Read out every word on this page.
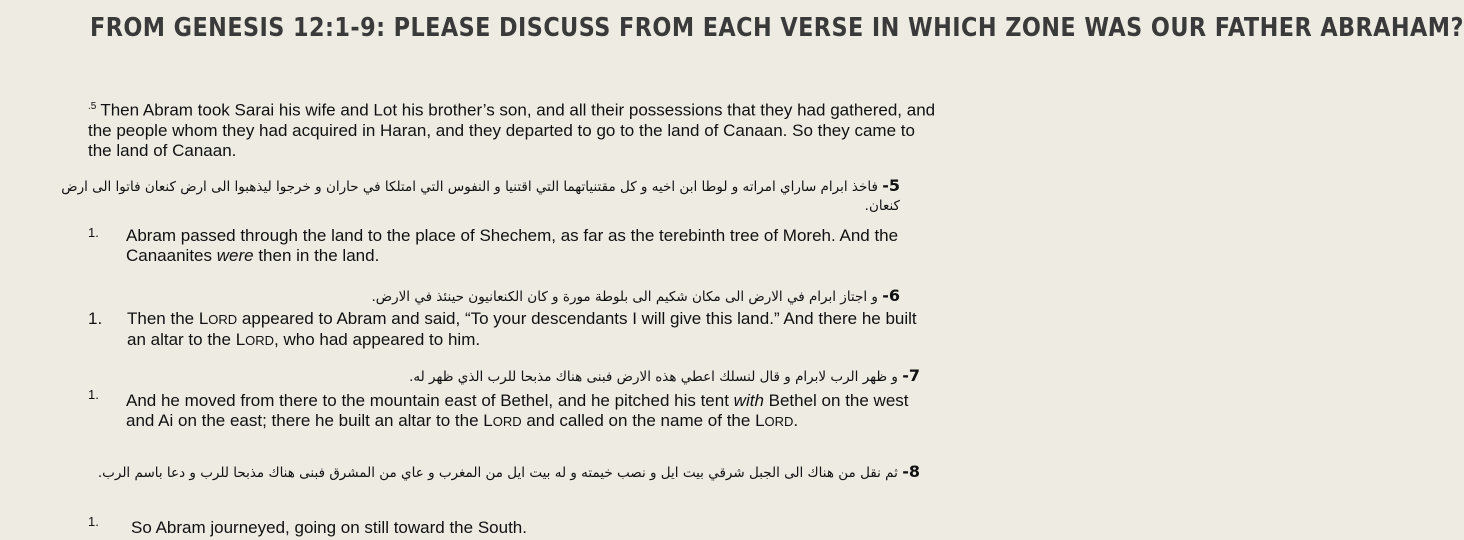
FROM GENESIS 12:1-9: PLEASE DISCUSS FROM EACH VERSE IN WHICH ZONE WAS OUR FATHER ABRAHAM?

$^{.5}$ Then Abram took Sarai his wife and Lot his brother’s son, and all their possessions that they had gathered, and the people whom they had acquired in Haran, and they departed to go to the land of Canaan. So they came to the land of Canaan.

5- فاخذ ابرام ساراي امراته و لوطا ابن اخيه و كل مقتنياتهما التي اقتنيا و النفوس التي امتلكا في حاران و خرجوا ليذهبوا الى ارض كنعان فاتوا الى ارض كنعان.

1. Abram passed through the land to the place of Shechem, as far as the terebinth tree of Moreh. And the Canaanites were then in the land.

6- و اجتاز ابرام في الارض الى مكان شكيم الى بلوطة مورة و كان الكنعانيون حينئذ في الارض.

1. Then the LORD appeared to Abram and said, “To your descendants I will give this land.” And there he built an altar to the LORD, who had appeared to him.

7- و ظهر الرب لابرام و قال لنسلك اعطي هذه الارض فبنى هناك مذبحا للرب الذي ظهر له.

1. And he moved from there to the mountain east of Bethel, and he pitched his tent with Bethel on the west and Ai on the east; there he built an altar to the LORD and called on the name of the LORD.

8- ثم نقل من هناك الى الجبل شرقي بيت ايل و نصب خيمته و له بيت ايل من المغرب و عاي من المشرق فبنى هناك مذبحا للرب و دعا باسم الرب.

1. So Abram journeyed, going on still toward the South.
